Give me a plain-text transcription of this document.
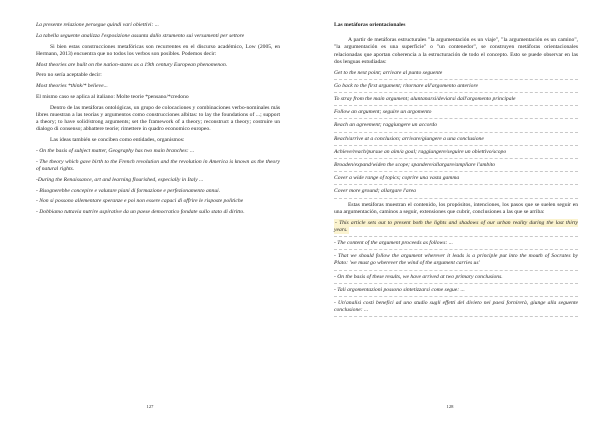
La presente relazione persegue quindi vari obiettivi: ...

La tabella seguente analizza l'esposizione assunta dallo strumento sui versamenti per settore

Si bien estas construcciones metafóricas son recurrentes en el discurso académico, Low (2005, en Hermann, 2013) encuentra que no todos los verbos son posibles. Podemos decir:

Most theories are built on the nation-states as a 19th century European phenomenon.

Pero no sería aceptable decir:

Most theories *think/* believe...

El mismo caso se aplica al italiano: Molte teorie *pensano/*credono

Dentro de las metáforas ontológicas, un grupo de colocaciones y combinaciones verbo-nominales más libres muestran a las teorías y argumentos como construcciones albitas: to lay the foundations of ...; support a theory; to have solid/strong arguments; set the framework of a theory; reconstruct a theory; costruire un dialogo di consenso; abbattere teorie; rimettere in quadro economico europeo.

Las ideas también se conciben como entidades, organismos:

- On the basis of subject matter, Geography has two main branches: ...

- The theory which gave birth to the French revolution and the revolution in America is known as the theory of natural rights.

-During the Renaissance, art and learning flourished, especially in Italy ...

- Bisognerebbe concepire e valutare piani di formazione e perfezionamento annui.

- Non si possono allementare speranze e poi non essere capaci di offrire le risposte politiche

- Dobbiamo tuttavia nutrire aspirative da un paese democratico fondate sullo stato di diritto.

127

Las metáforas orientacionales

A partir de metáforas estructurales "la argumentación es un viaje", "la argumentación es un camino", "la argumentación es una superficie" o "un contenedor", se construyen metáforas orientacionales relacionadas que aportan coherencia a la estructuración de todo el concepto. Esto se puede observar en las dos lenguas estudiadas:

Get to the next point; arrivare al punto seguente

Go back to the first argument; ritornare all'argomento anteriore

To stray from the main argument; aluntanarsi/deviarsi dall'argomento principale

Follow an argument; seguire un argomento

Reach an agreement; raggiungere un accordo

Reach/arrive at a conclusion; arrivare/giungere a una conclusione

Achieve/reach/pursue an aim/a goal; raggiungere/seguire un obiettivo/scopo

Broaden/expand/widen the scope; spandere/allargare/ampliare l'ambito

Cover a wide range of topics; coprire una vasta gamma

Cover more ground; allargare l'area

Estas metáforas muestran el contenido, los propósitos, intenciones, los pasos que se suelen seguir en una argumentación, caminos a seguir, extensiones que cubrir, conclusiones a las que se arriba:

- This article sets out to present both the lights and shadows of our urban reality during the last thirty years.

- The content of the argument proceeds as follows: ...

- That we should follow the argument wherever it leads is a principle put into the mouth of Socrates by Plato: 'we must go wherever the wind of the argument carries us'

- On the basis of these results, we have arrived at two primary conclusions.

- Tali argomentazioni possono sintetizzarsi come segue: ...

- Un'analisi costi benefici ad uno studio sugli effetti del divieto nei paesi fornirerà, giunge alla seguente conclusione: ...

128
